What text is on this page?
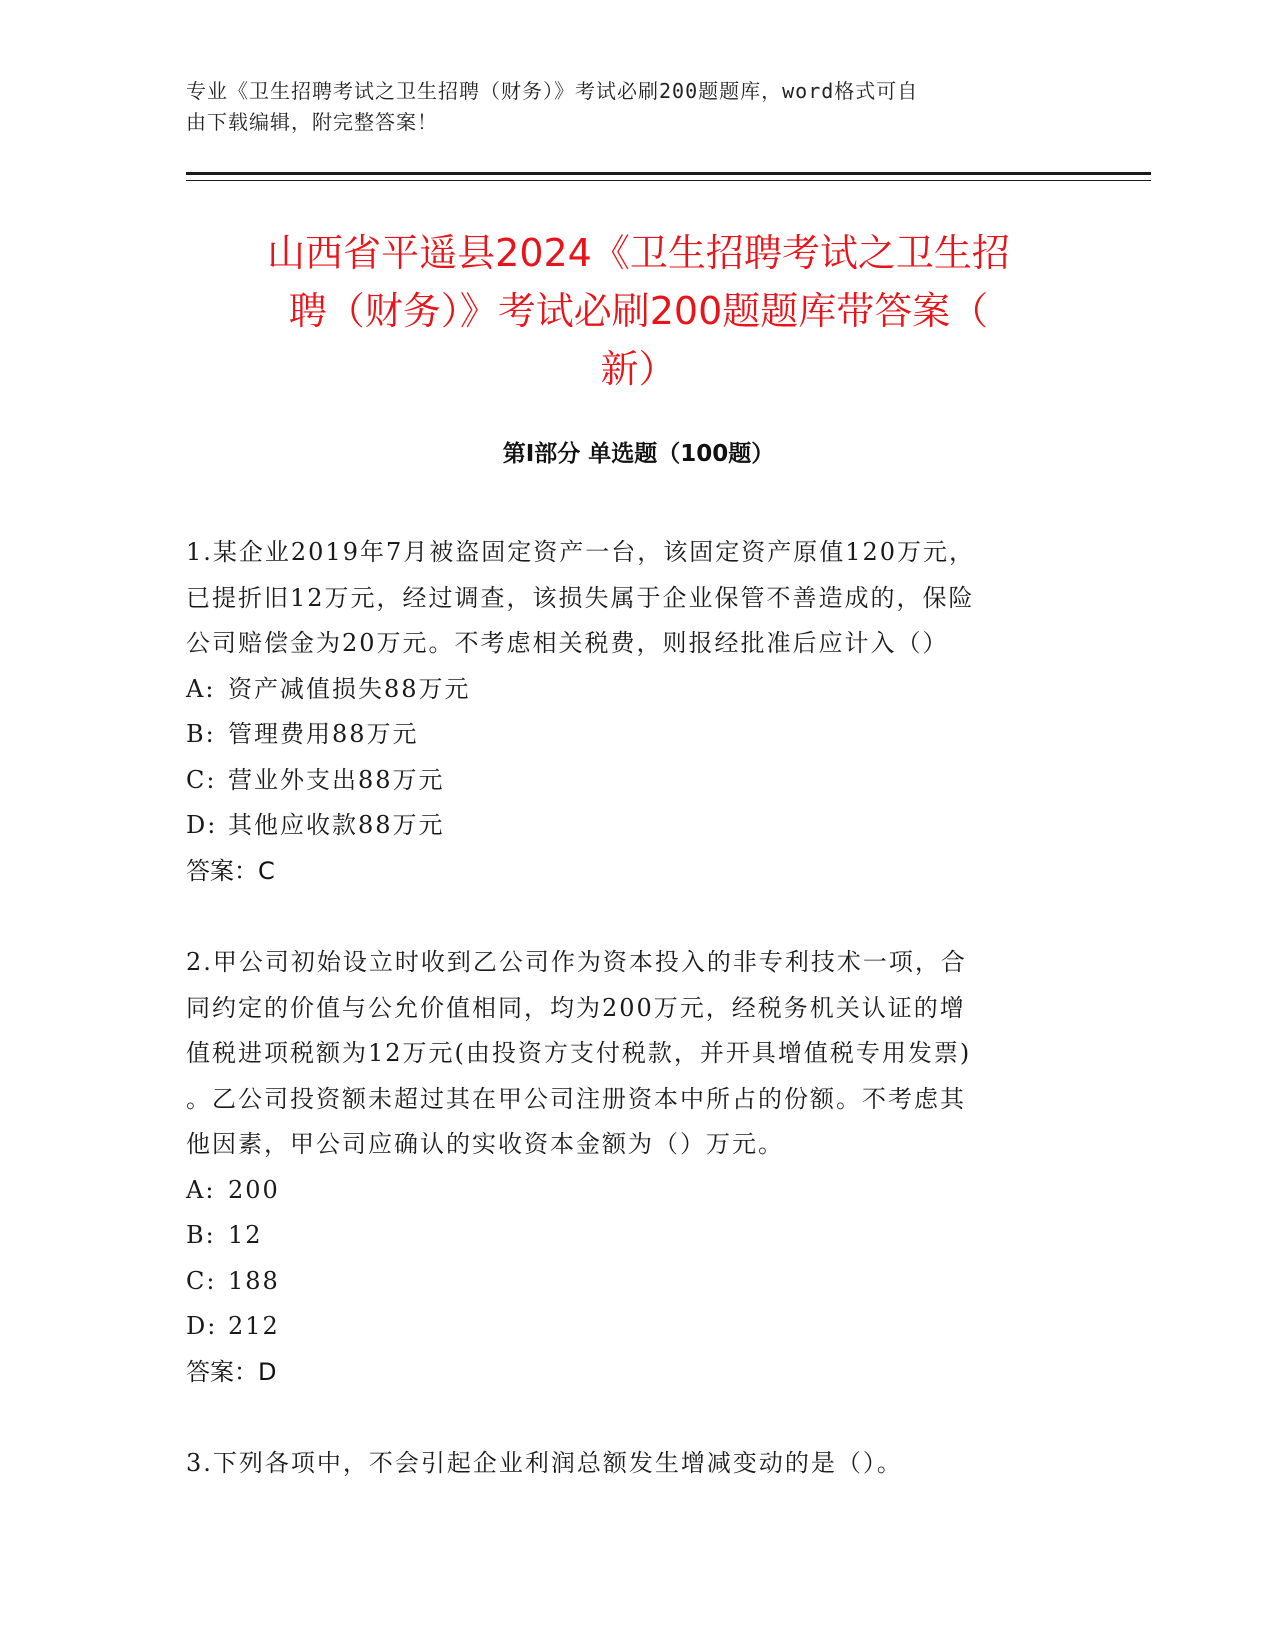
专业《卫生招聘考试之卫生招聘（财务）》考试必刷200题题库，word格式可自
由下载编辑，附完整答案！
山西省平遥县2024《卫生招聘考试之卫生招
聘（财务）》考试必刷200题题库带答案（
新）
第Ⅰ部分 单选题（100题）

1.某企业2019年7月被盗固定资产一台，该固定资产原值120万元，
已提折旧12万元，经过调查，该损失属于企业保管不善造成的，保险
公司赔偿金为20万元。不考虑相关税费，则报经批准后应计入（）

A: 资产减值损失88万元

B: 管理费用88万元

C: 营业外支出88万元

D: 其他应收款88万元

答案：C

2.甲公司初始设立时收到乙公司作为资本投入的非专利技术一项，合
同约定的价值与公允价值相同，均为200万元，经税务机关认证的增
值税进项税额为12万元(由投资方支付税款，并开具增值税专用发票)
。乙公司投资额未超过其在甲公司注册资本中所占的份额。不考虑其
他因素，甲公司应确认的实收资本金额为（）万元。

A: 200

B: 12

C: 188

D: 212

答案：D

3.下列各项中，不会引起企业利润总额发生增减变动的是（）。
